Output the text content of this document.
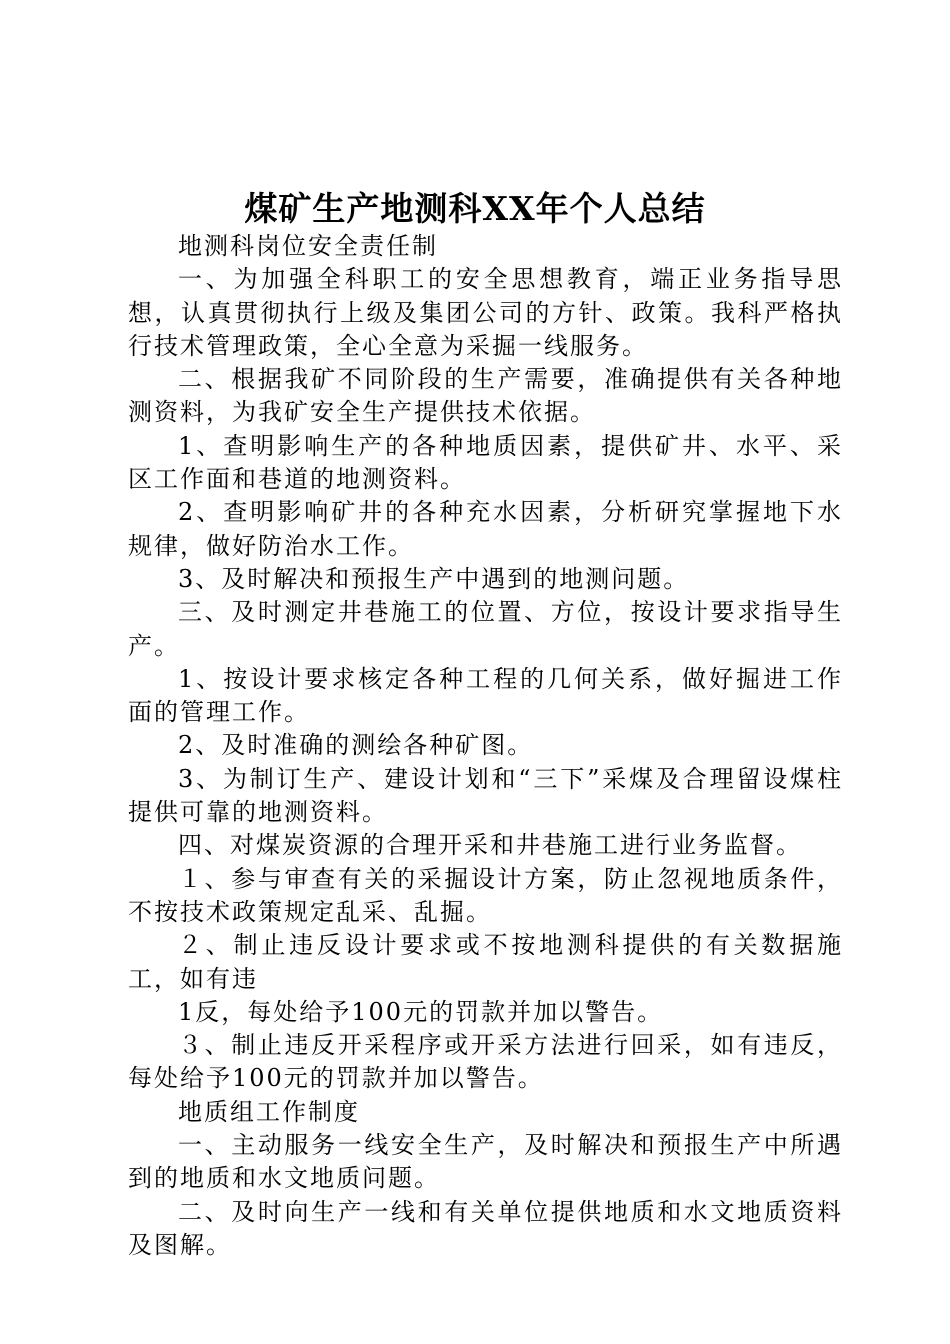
煤矿生产地测科XX年个人总结

地测科岗位安全责任制

一、为加强全科职工的安全思想教育，端正业务指导思想，认真贯彻执行上级及集团公司的方针、政策。我科严格执行技术管理政策，全心全意为采掘一线服务。

二、根据我矿不同阶段的生产需要，准确提供有关各种地测资料，为我矿安全生产提供技术依据。

1、查明影响生产的各种地质因素，提供矿井、水平、采区工作面和巷道的地测资料。

2、查明影响矿井的各种充水因素，分析研究掌握地下水规律，做好防治水工作。

3、及时解决和预报生产中遇到的地测问题。

三、及时测定井巷施工的位置、方位，按设计要求指导生产。

1、按设计要求核定各种工程的几何关系，做好掘进工作面的管理工作。

2、及时准确的测绘各种矿图。

3、为制订生产、建设计划和“三下”采煤及合理留设煤柱提供可靠的地测资料。

四、对煤炭资源的合理开采和井巷施工进行业务监督。

１、参与审查有关的采掘设计方案，防止忽视地质条件，不按技术政策规定乱采、乱掘。

２、制止违反设计要求或不按地测科提供的有关数据施工，如有违

1反，每处给予100元的罚款并加以警告。

３、制止违反开采程序或开采方法进行回采，如有违反，每处给予100元的罚款并加以警告。

地质组工作制度

一、主动服务一线安全生产，及时解决和预报生产中所遇到的地质和水文地质问题。

二、及时向生产一线和有关单位提供地质和水文地质资料及图解。
